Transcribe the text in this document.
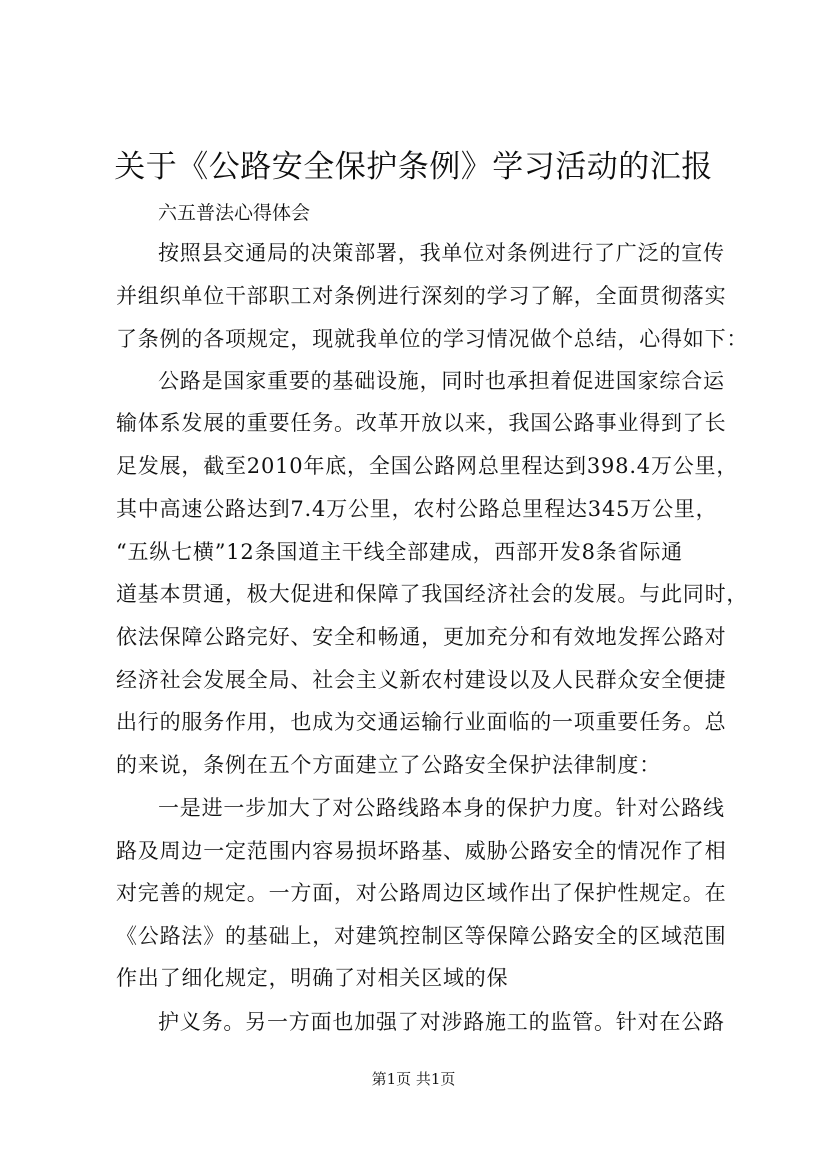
关于《公路安全保护条例》学习活动的汇报
六五普法心得体会
按照县交通局的决策部署，我单位对条例进行了广泛的宣传
并组织单位干部职工对条例进行深刻的学习了解，全面贯彻落实
了条例的各项规定，现就我单位的学习情况做个总结，心得如下：
公路是国家重要的基础设施，同时也承担着促进国家综合运
输体系发展的重要任务。改革开放以来，我国公路事业得到了长
足发展，截至2010年底，全国公路网总里程达到398.4万公里，
其中高速公路达到7.4万公里，农村公路总里程达345万公里，
“五纵七横”12条国道主干线全部建成，西部开发8条省际通
道基本贯通，极大促进和保障了我国经济社会的发展。与此同时，
依法保障公路完好、安全和畅通，更加充分和有效地发挥公路对
经济社会发展全局、社会主义新农村建设以及人民群众安全便捷
出行的服务作用，也成为交通运输行业面临的一项重要任务。总
的来说，条例在五个方面建立了公路安全保护法律制度：
一是进一步加大了对公路线路本身的保护力度。针对公路线
路及周边一定范围内容易损坏路基、威胁公路安全的情况作了相
对完善的规定。一方面，对公路周边区域作出了保护性规定。在
《公路法》的基础上，对建筑控制区等保障公路安全的区域范围
作出了细化规定，明确了对相关区域的保
护义务。另一方面也加强了对涉路施工的监管。针对在公路
第1页 共1页
